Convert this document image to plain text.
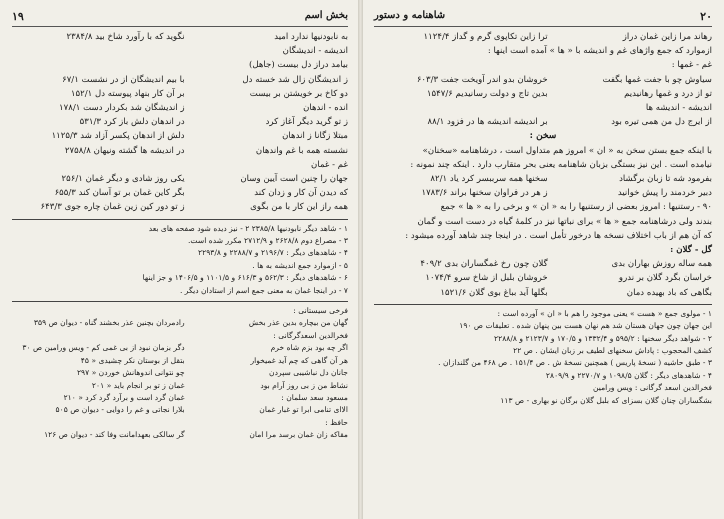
بخش اسم
۱۹
به نابودنیها ندارد امید
نگوید که با رآورد شاخ بید ۲۳۸۴/۸
اندیشه - اندیشگان
بیامد دراز دل بیست (جاهل)
ز اندیشگان زال شد خسته دل
با بیم اندیشگان از در نشست ۶۷/۱
دو کاخ بر خویشتن بر بیست
بر آن کار بنهاد پیوسته دل ۱۵۲/۱
انده - اندهان
ز اندیشگان شد بکردار دست ۱۷۸/۱
ز تو گرید دیگر آغاز کرد
در اندهان دلش باز کرد ۵۳۱/۳
مبتلا زگانا ز اندهان
دلش از اندهان پکسر آزاد شد ۱۱۲۵/۳
نشسته همه با غم واندهان
در اندیشه ها گشته ونیهان ۲۷۵۸/۸
غم - غمان
جهان را چنین است آیین وسان
یکی روز شادی و دیگر غمان ۲۵۶/۱
که دیدن آن کار و زدان کند
بگر کاین غمان بر تو آسان کند ۶۵۵/۳
همه راز این کار با من بگوی
ز تو دور کین زین غمان چاره جوی ۶۴۳/۳
۱ - شاهد دیگر نابودنیها ۲۳۸۵/۸ ۲ - نیز دیده شود صفحه های بعد
۳ - مصراع دوم ۲۶۲۸/۸ و ۲۷۱۲/۹ مکرر شده است.
۴ - شاهدهای دیگر : ۲۱۹۶/۷ و ۲۲۸۸/۷ و ۲۲۹۳/۸
۵ - ازموارد جمع اندیشه به ها .
۶ - شاهدهای دیگر : ۵۶۲/۳ و ۶۱۶/۳ و ۱۱۰۱/۵ و ۱۴۰۶/۵ و جز اینها
۷ - در اینجا غمان به معنی جمع اسم از استادان دیگر .
فرخی سیستانی :
گهان من بیچاره بدین عذر بخش
رادمردان بچنین عذر بخشند گناه - دیوان ص ۳۵۹
فخرالدین اسعدگرگانی :
اگر چه بود بزم شاه خرم
دگر بزمان نبود از بی غمی کم - ویس ورامین ص ۳۰
هر آن گاهی که چم آید غمیخوار
بتقل از بوستان نکر چشیدی « ۴۵
جانان دل نباشیبی سپردن
چو نتوانی اندوهانش خوردن « ۲۹۷
نشاط من ز بی روز آرام بود
غمان ز تو بر انجام باید « ۲۰۱
مسعود سعد سلمان :
غمان گرد است و برآرد گرد کرد « ۲۱۰
الاای تنامی ابرا تو غبار غمان
بلارا نجاتی و غم را دوایی - دیوان ص ۵۰۵
حافظ :
مقاکه زان غمان برسد مرا امان
گر سالکی بعهدامانت وفا کند - دیوان ص ۱۲۶
شاهنامه و دستور	۲۰
رهاند مرا زاین غمان دراز
ترا زاین تکاپوی گرم و گداز ۱۱۲۴/۴
ازموارد که جمع واژهای غم و اندیشه با « ها » آمده است اینها :
غم - غمها :
سیاوش چو با جفت غمها بگفت
خروشان بدو اندر آویخت جفت ۶۰۳/۳
تو از درد و غمها رهانیدیم
بدین تاج و دولت رسانیدیم ۱۵۴۷/۶
اندیشه - اندیشه ها
از ایرج دل من همی تیره بود
بر اندیشه اندیشه ها در فزود ۸۸/۱
سخن :
با اینکه جمع بستن سخن به « ان » امروز هم متداول است ، درشاهنامه «سخنان»
نیامده است . این نیز بستگی بزبان شاهنامه یعنی بحر متقارب دارد . اینکه چند نمونه :
بفرمود شه تا زبان برگشاد
سخنها همه سرببسر کرد یاد ۸۲/۱
دبیر خردمند را پیش خوانید
ز هر در فراوان سخنها براند ۱۷۸۳/۶
۹۰ - رستنیها : امروز بعضی از رستنیها را به « ان » و برخی را به « ها » جمع
بندند ولی درشاهنامه جمع « ها » برای نباتها نیز در کلمهٔ گیاه در دست است و گمان
که آن هم از باب اختلاف نسخه ها درخور تأمل است . در اینجا چند شاهد آورده میشود :
گل - گلان :
همه ساله روزش بهاران بدی
گلان چون رخ غمگساران بدی ۴۰۹/۲
خراسان بگرد گلان بر ندرو
خروشان بلبل از شاخ سرو ۱۰۷۴/۴
بگاهی که باد بهیده دمان
بگلها آید بباغ بوی گلان ۱۵۲۱/۶
۱ - مولوی جمع « هست » یعنی موجود را هم با « ان » آورده است :
این جهان چون جهان هستان شد هم نهان هست بین پنهان شده . تعلیقات ص ۱۹۰
۲ - شواهد دیگر سخنها : ۵۹۵/۲ و ۱۳۳۲/۴ و ۱۷۰/۵ و ۲۱۲۳/۷ و ۲۲۸۸/۸
کشف المحجوب : پاداش سخنهای لطیف بر زبان ایشان . ص ۲۲
۳ - طبق حاشیه ( نسخهٔ پاریس ) همچنین نسخهٔ ش . ص ۱۵۱/۴ . ص ۴۶۸ من گلندازان .
۴ - شاهدهای دیگر : گلان ۱۰۹۸/۵ و ۲۲۷۰/۷ و ۲۸۰۹/۹
فخرالدین اسعد گرگانی : ویس ورامین
بشگساران چنان گلان بسزای که بلبل گلان برگان نو بهاری - ص ۱۱۳
